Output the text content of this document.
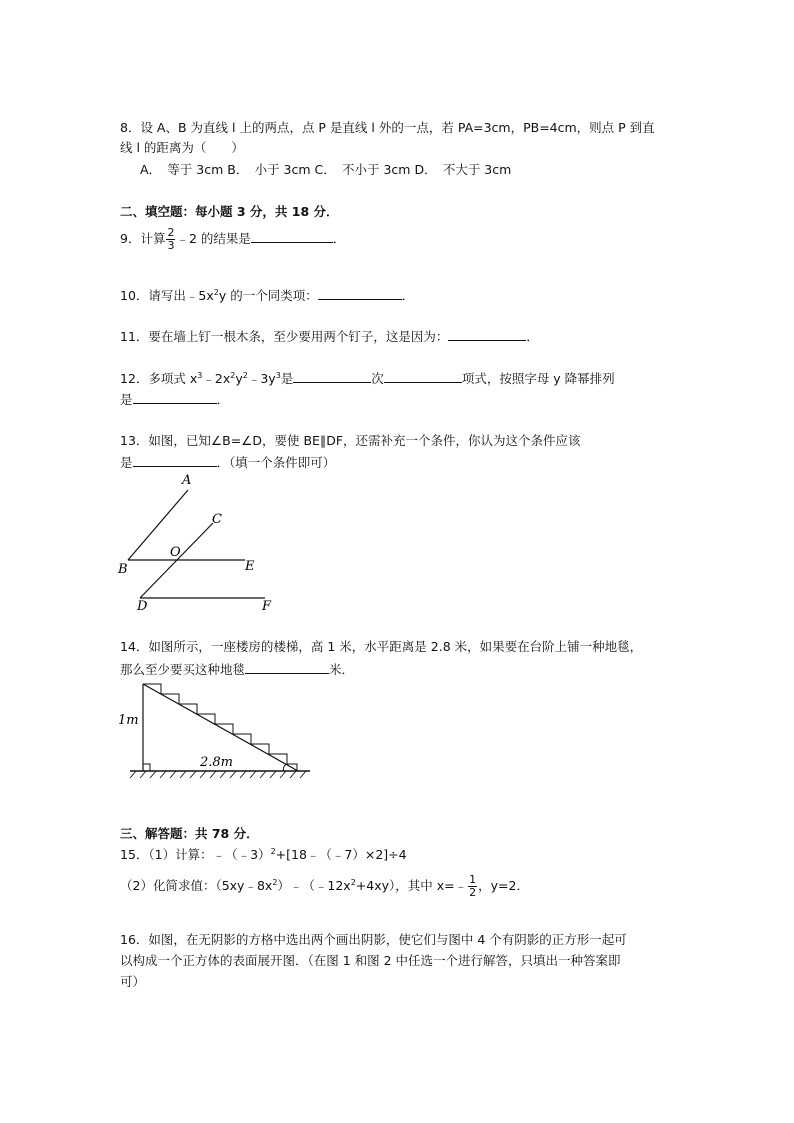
8．设 A、B 为直线 l 上的两点，点 P 是直线 l 外的一点，若 PA=3cm，PB=4cm，则点 P 到直
线 l 的距离为（　　）
A．　等于 3cm B．　小于 3cm C．　不小于 3cm D．　不大于 3cm
二、填空题：每小题 3 分，共 18 分．
9．计算 $\frac{2}{3}$ ﹣2 的结果是	．
10．请写出$﹣5x^2y$ 的一个同类项：	．
11．要在墙上钉一根木条，至少要用两个钉子，这是因为：	．
12．多项式 $x^3﹣2x^2y^2﹣3y^3$是	次	项式，按照字母 y 降幂排列
是	．
13．如图，已知∠B=∠D，要使 BE∥DF，还需补充一个条件，你认为这个条件应该
是	．（填一个条件即可）
A
C
O
B	E
D	F
14．如图所示，一座楼房的楼梯，高 1 米，水平距离是 2.8 米，如果要在台阶上铺一种地毯，
那么至少要买这种地毯	米．
1m
2.8m
三、解答题：共 78 分．
15．（1）计算：﹣（﹣3）$^2$+[18﹣（﹣7）×2]÷4
（2）化简求值：$(5xy﹣8x^2)﹣(﹣12x^2+4xy)$，其中 x=﹣ $\frac{1}{2}$ ，y=2．
16．如图，在无阴影的方格中选出两个画出阴影，使它们与图中 4 个有阴影的正方形一起可
以构成一个正方体的表面展开图．（在图 1 和图 2 中任选一个进行解答，只填出一种答案即
可）
